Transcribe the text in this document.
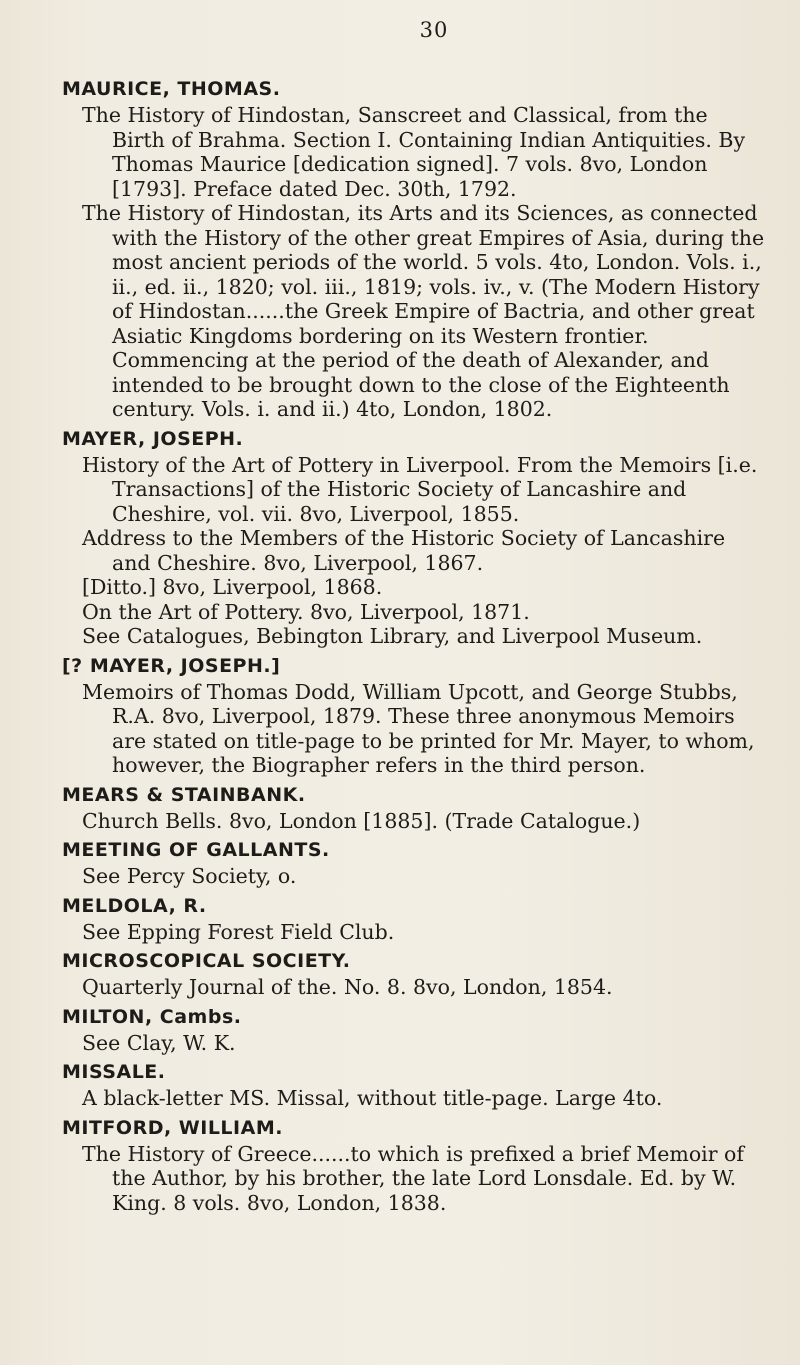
30
MAURICE, THOMAS.

The History of Hindostan, Sanscreet and Classical, from the Birth of Brahma. Section I. Containing Indian Antiquities. By Thomas Maurice [dedication signed]. 7 vols. 8vo, London [1793]. Preface dated Dec. 30th, 1792.

The History of Hindostan, its Arts and its Sciences, as connected with the History of the other great Empires of Asia, during the most ancient periods of the world. 5 vols. 4to, London. Vols. i., ii., ed. ii., 1820; vol. iii., 1819; vols. iv., v. (The Modern History of Hindostan......the Greek Empire of Bactria, and other great Asiatic Kingdoms bordering on its Western frontier. Commencing at the period of the death of Alexander, and intended to be brought down to the close of the Eighteenth century. Vols. i. and ii.) 4to, London, 1802.

MAYER, JOSEPH.

History of the Art of Pottery in Liverpool. From the Memoirs [i.e. Transactions] of the Historic Society of Lancashire and Cheshire, vol. vii. 8vo, Liverpool, 1855.

Address to the Members of the Historic Society of Lancashire and Cheshire. 8vo, Liverpool, 1867.

[Ditto.] 8vo, Liverpool, 1868.

On the Art of Pottery. 8vo, Liverpool, 1871.

See Catalogues, Bebington Library, and Liverpool Museum.

[? MAYER, JOSEPH.]

Memoirs of Thomas Dodd, William Upcott, and George Stubbs, R.A. 8vo, Liverpool, 1879. These three anonymous Memoirs are stated on title-page to be printed for Mr. Mayer, to whom, however, the Biographer refers in the third person.

MEARS & STAINBANK.

Church Bells. 8vo, London [1885]. (Trade Catalogue.)

MEETING OF GALLANTS.

See Percy Society, o.

MELDOLA, R.

See Epping Forest Field Club.

MICROSCOPICAL SOCIETY.

Quarterly Journal of the. No. 8. 8vo, London, 1854.

MILTON, Cambs.

See Clay, W. K.

MISSALE.

A black-letter MS. Missal, without title-page. Large 4to.

MITFORD, WILLIAM.

The History of Greece......to which is prefixed a brief Memoir of the Author, by his brother, the late Lord Lonsdale. Ed. by W. King. 8 vols. 8vo, London, 1838.
